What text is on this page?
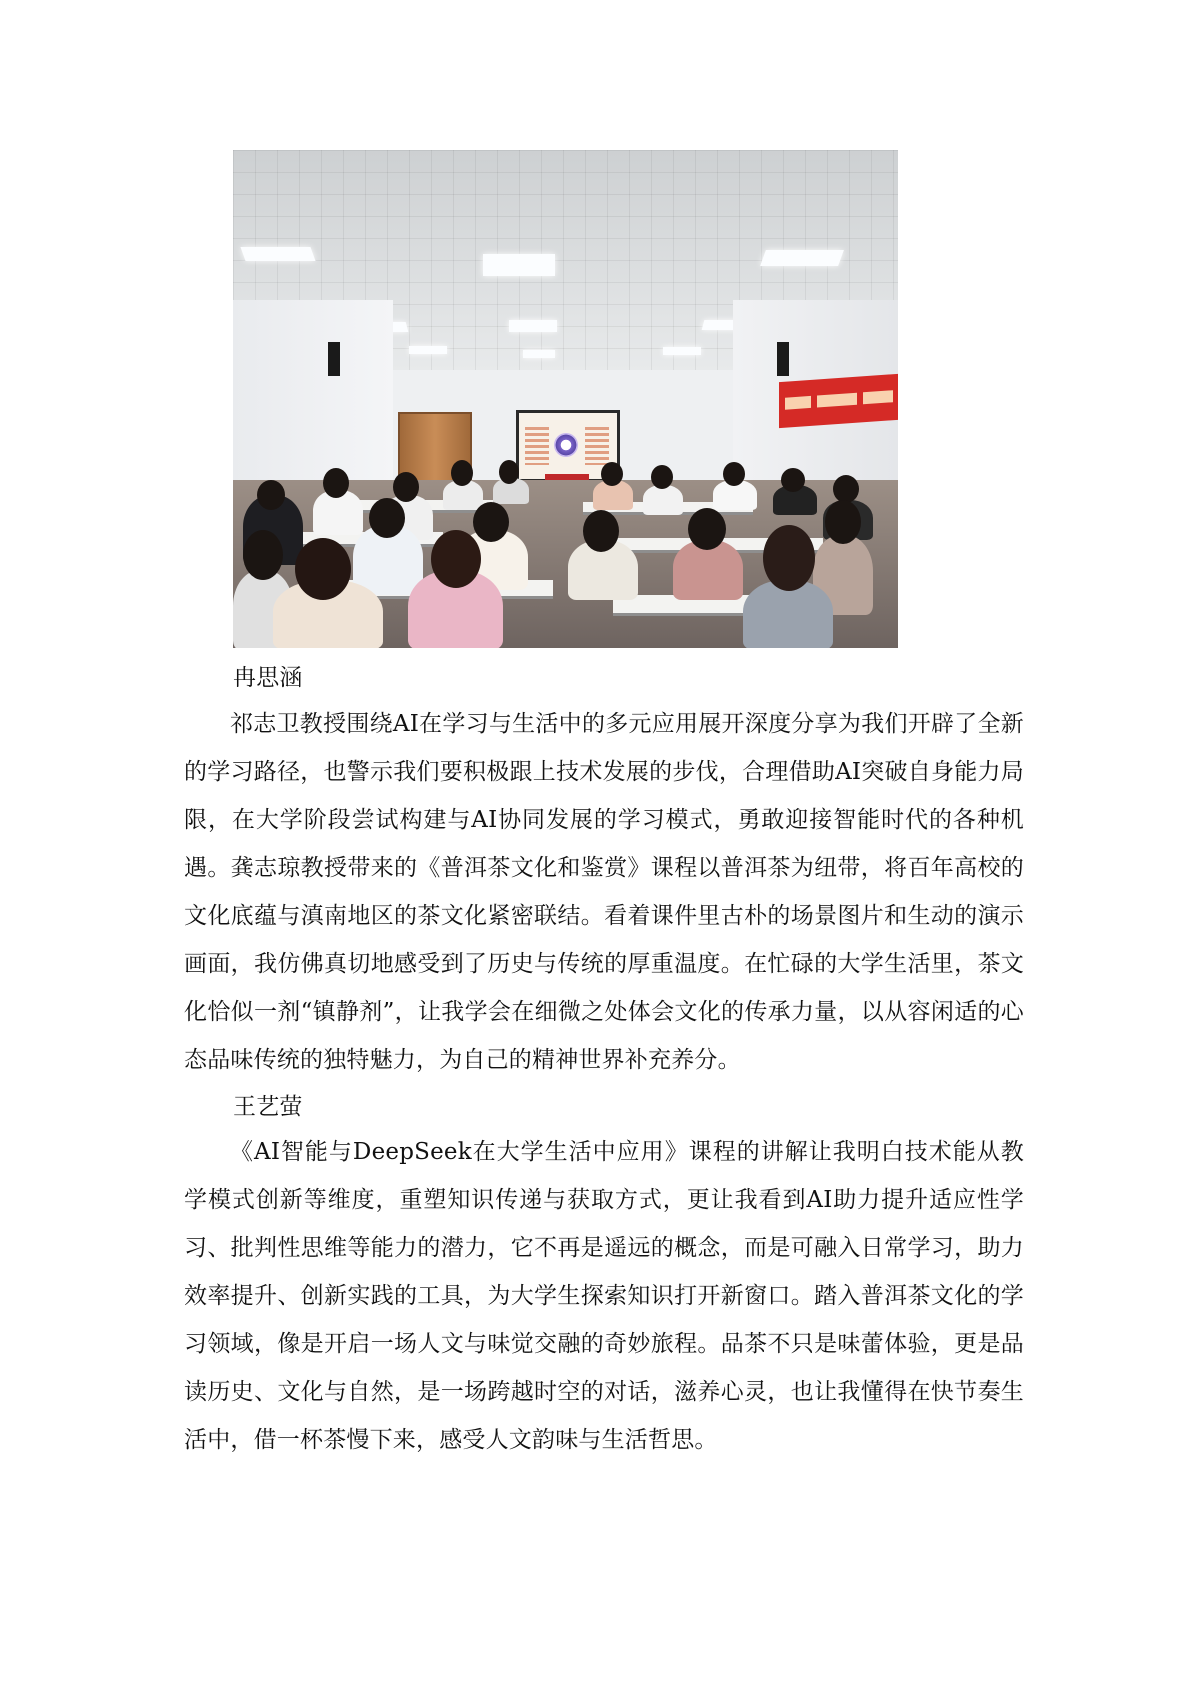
冉思涵
祁志卫教授围绕AI在学习与生活中的多元应用展开深度分享为我们开辟了全新的学习路径，也警示我们要积极跟上技术发展的步伐，合理借助AI突破自身能力局限，在大学阶段尝试构建与AI协同发展的学习模式，勇敢迎接智能时代的各种机遇。龚志琼教授带来的《普洱茶文化和鉴赏》课程以普洱茶为纽带，将百年高校的文化底蕴与滇南地区的茶文化紧密联结。看着课件里古朴的场景图片和生动的演示画面，我仿佛真切地感受到了历史与传统的厚重温度。在忙碌的大学生活里，茶文化恰似一剂“镇静剂”，让我学会在细微之处体会文化的传承力量，以从容闲适的心态品味传统的独特魅力，为自己的精神世界补充养分。
王艺萤
《AI智能与DeepSeek在大学生活中应用》课程的讲解让我明白技术能从教学模式创新等维度，重塑知识传递与获取方式，更让我看到AI助力提升适应性学习、批判性思维等能力的潜力，它不再是遥远的概念，而是可融入日常学习，助力效率提升、创新实践的工具，为大学生探索知识打开新窗口。踏入普洱茶文化的学习领域，像是开启一场人文与味觉交融的奇妙旅程。品茶不只是味蕾体验，更是品读历史、文化与自然，是一场跨越时空的对话，滋养心灵，也让我懂得在快节奏生活中，借一杯茶慢下来，感受人文韵味与生活哲思。
